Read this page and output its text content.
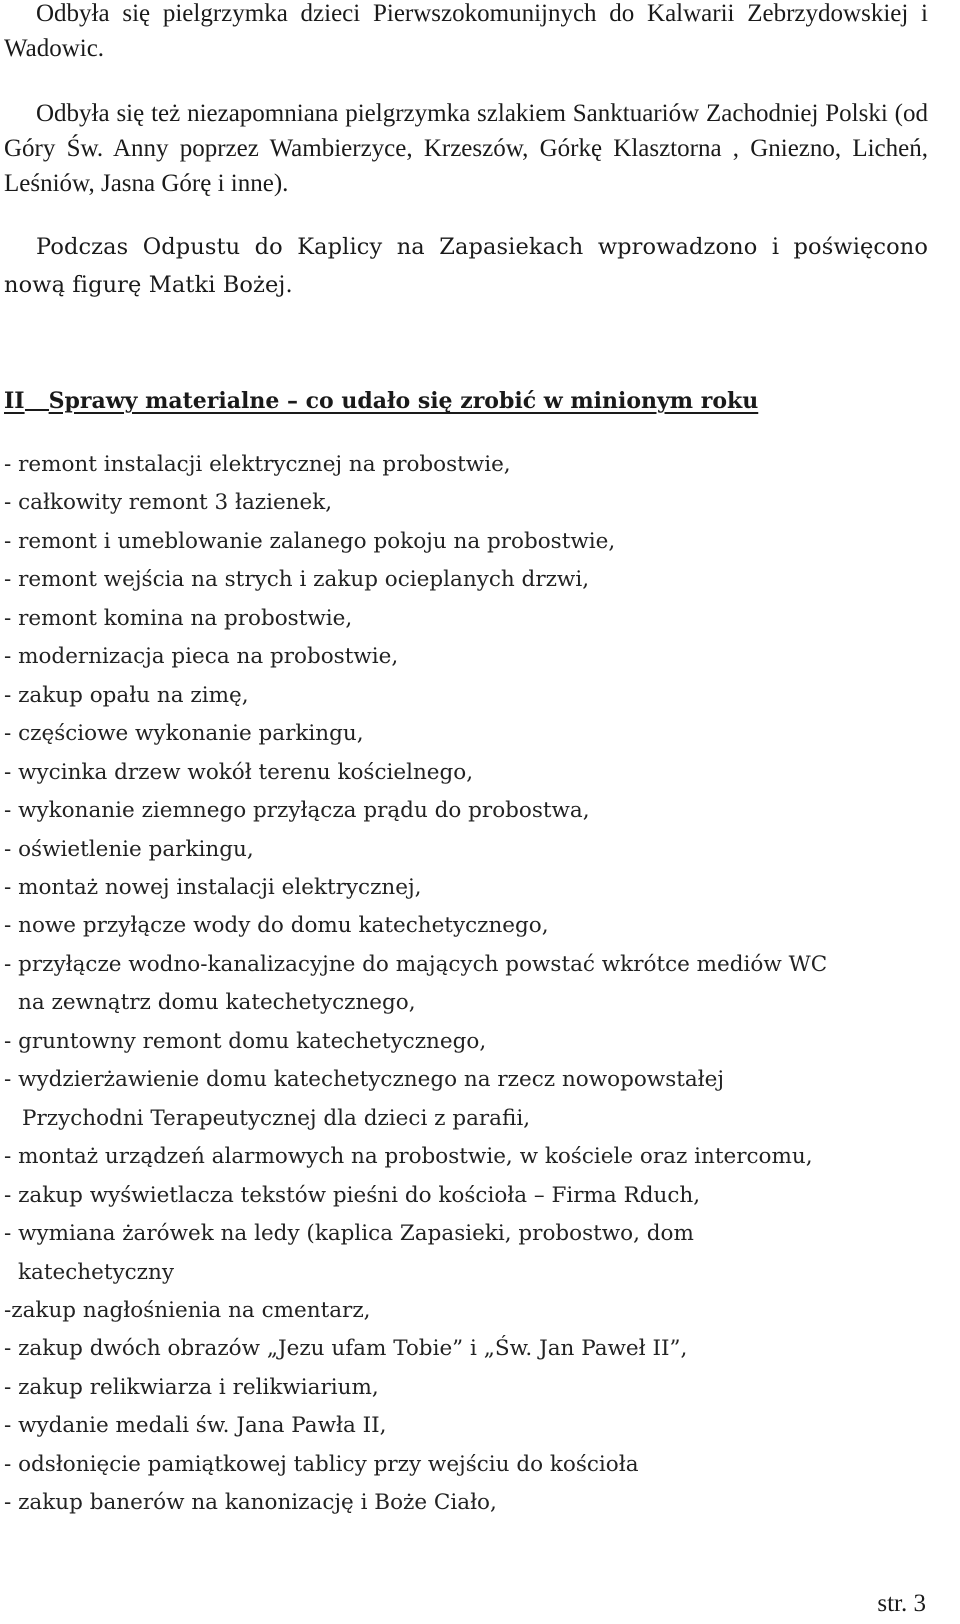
Odbyła się pielgrzymka dzieci Pierwszokomunijnych do Kalwarii Zebrzydowskiej i Wadowic.

Odbyła się też niezapomniana pielgrzymka szlakiem Sanktuariów Zachodniej Polski (od Góry Św. Anny poprzez Wambierzyce, Krzeszów, Górkę Klasztorna , Gniezno, Licheń, Leśniów, Jasna Górę i inne).

Podczas Odpustu do Kaplicy na Zapasiekach wprowadzono i poświęcono nową figurę Matki Bożej.

II Sprawy materialne – co udało się zrobić w minionym roku
- remont instalacji elektrycznej na probostwie,
- całkowity remont 3 łazienek,
- remont i umeblowanie zalanego pokoju na probostwie,
- remont wejścia na strych i zakup ocieplanych drzwi,
- remont komina na probostwie,
- modernizacja pieca na probostwie,
- zakup opału na zimę,
- częściowe wykonanie parkingu,
- wycinka drzew wokół terenu kościelnego,
- wykonanie ziemnego przyłącza prądu do probostwa,
- oświetlenie parkingu,
- montaż nowej instalacji elektrycznej,
- nowe przyłącze wody do domu katechetycznego,
- przyłącze wodno-kanalizacyjne do mających powstać wkrótce mediów WC
na zewnątrz domu katechetycznego,
- gruntowny remont domu katechetycznego,
- wydzierżawienie domu katechetycznego na rzecz nowopowstałej
Przychodni Terapeutycznej dla dzieci z parafii,
- montaż urządzeń alarmowych na probostwie, w kościele oraz intercomu,
- zakup wyświetlacza tekstów pieśni do kościoła – Firma Rduch,
- wymiana żarówek na ledy (kaplica Zapasieki, probostwo, dom
katechetyczny
-zakup nagłośnienia na cmentarz,
- zakup dwóch obrazów „Jezu ufam Tobie” i „Św. Jan Paweł II”,
- zakup relikwiarza i relikwiarium,
- wydanie medali św. Jana Pawła II,
- odsłonięcie pamiątkowej tablicy przy wejściu do kościoła
- zakup banerów na kanonizację i Boże Ciało,

str. 3
